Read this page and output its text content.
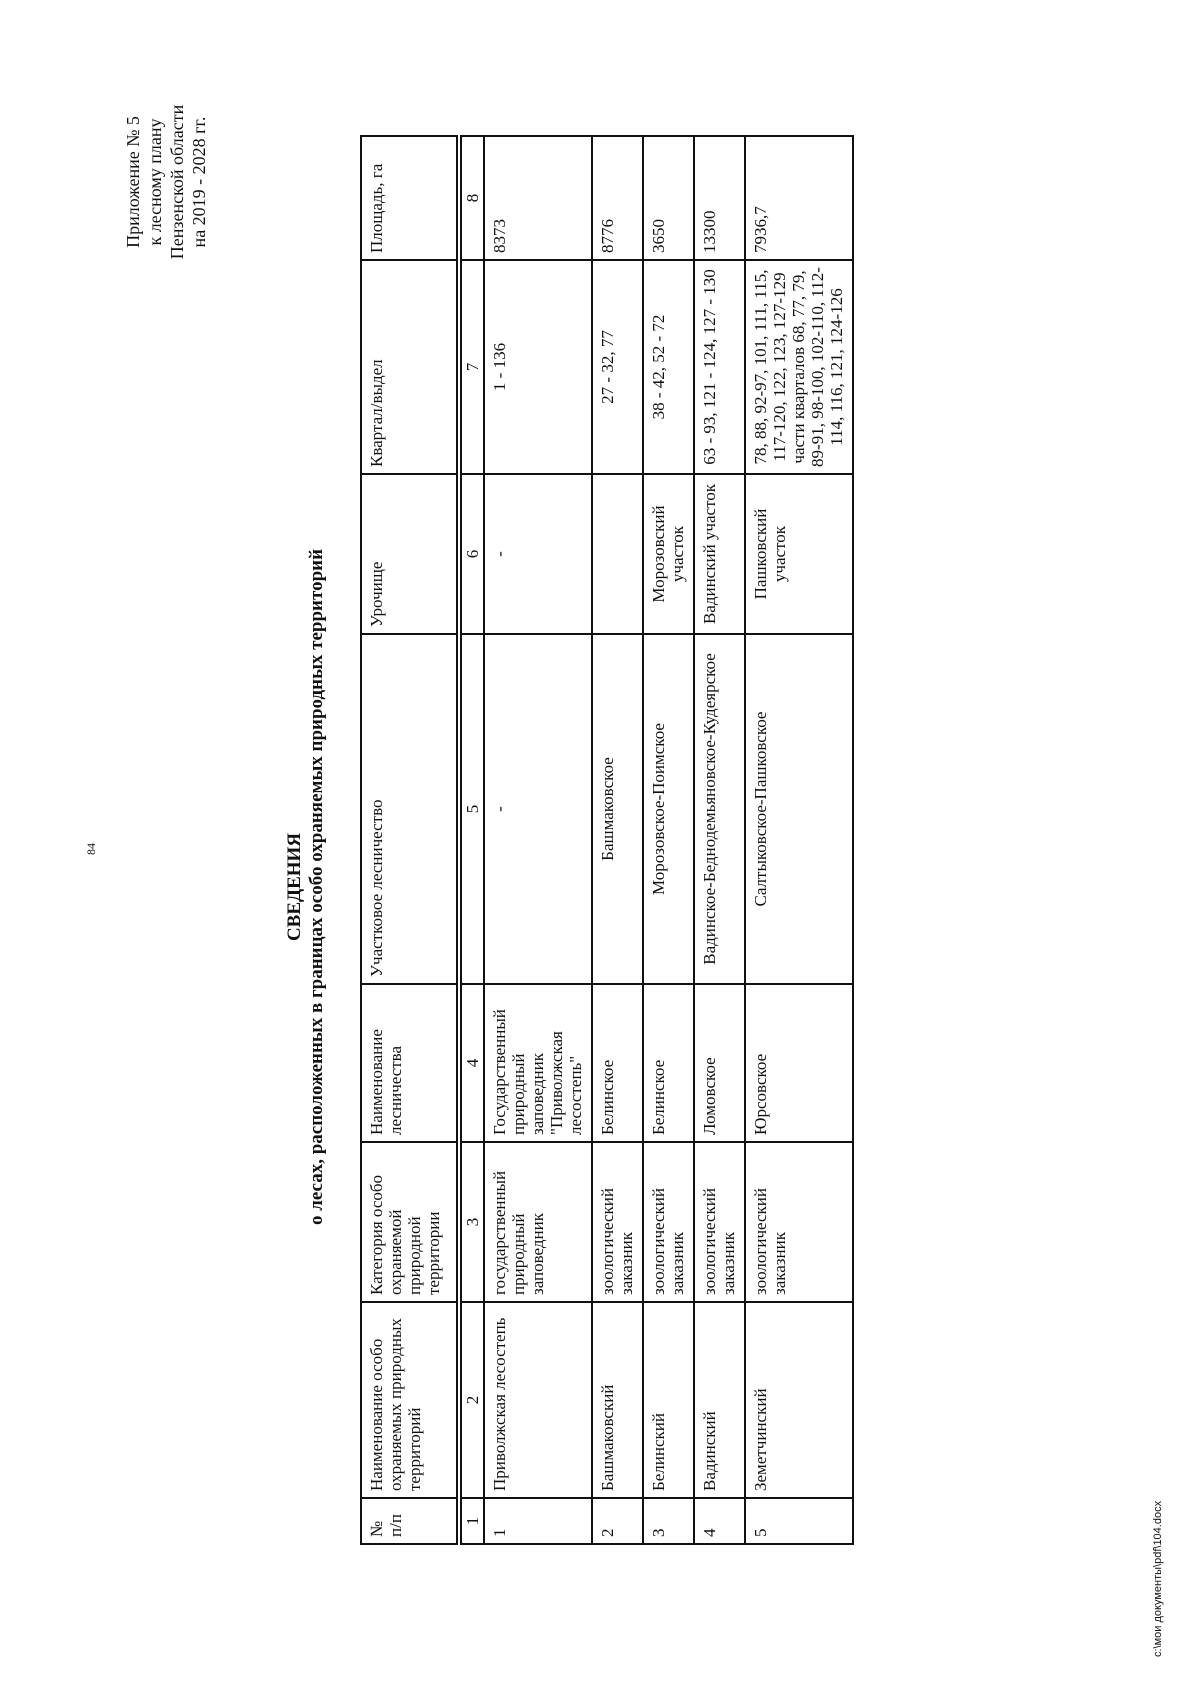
84
Приложение № 5 к лесному плану Пензенской области на 2019 - 2028 гг.
СВЕДЕНИЯ о лесах, расположенных в границах особо охраняемых природных территорий
№ п/п	Наименование особо охраняемых природных территорий	Категория особо охраняемой природной территории	Наименование лесничества	Участковое лесничество	Урочище	Квартал/выдел	Площадь, га
1	2	3	4	5	6	7	8
1	Приволжская лесостепь	государственный природный заповедник	Государственный природный заповедник "Приволжская лесостепь"	-	-	1 - 136	8373
2	Башмаковский	зоологический заказник	Белинское	Башмаковское		27 - 32, 77	8776
3	Белинский	зоологический заказник	Белинское	Морозовское-Поимское	Морозовский участок	38 - 42, 52 - 72	3650
4	Вадинский	зоологический заказник	Ломовское	Вадинское-Беднодемьяновское-Кудеярское	Вадинский участок	63 - 93, 121 - 124, 127 - 130	13300
5	Земетчинский	зоологический заказник	Юрсовское	Салтыковское-Пашковское	Пашковский участок	78, 88, 92-97, 101, 111, 115, 117-120, 122, 123, 127-129 части кварталов 68, 77, 79, 89-91, 98-100, 102-110, 112-114, 116, 121, 124-126	7936,7
c:\мои документы\pdf\104.docx
